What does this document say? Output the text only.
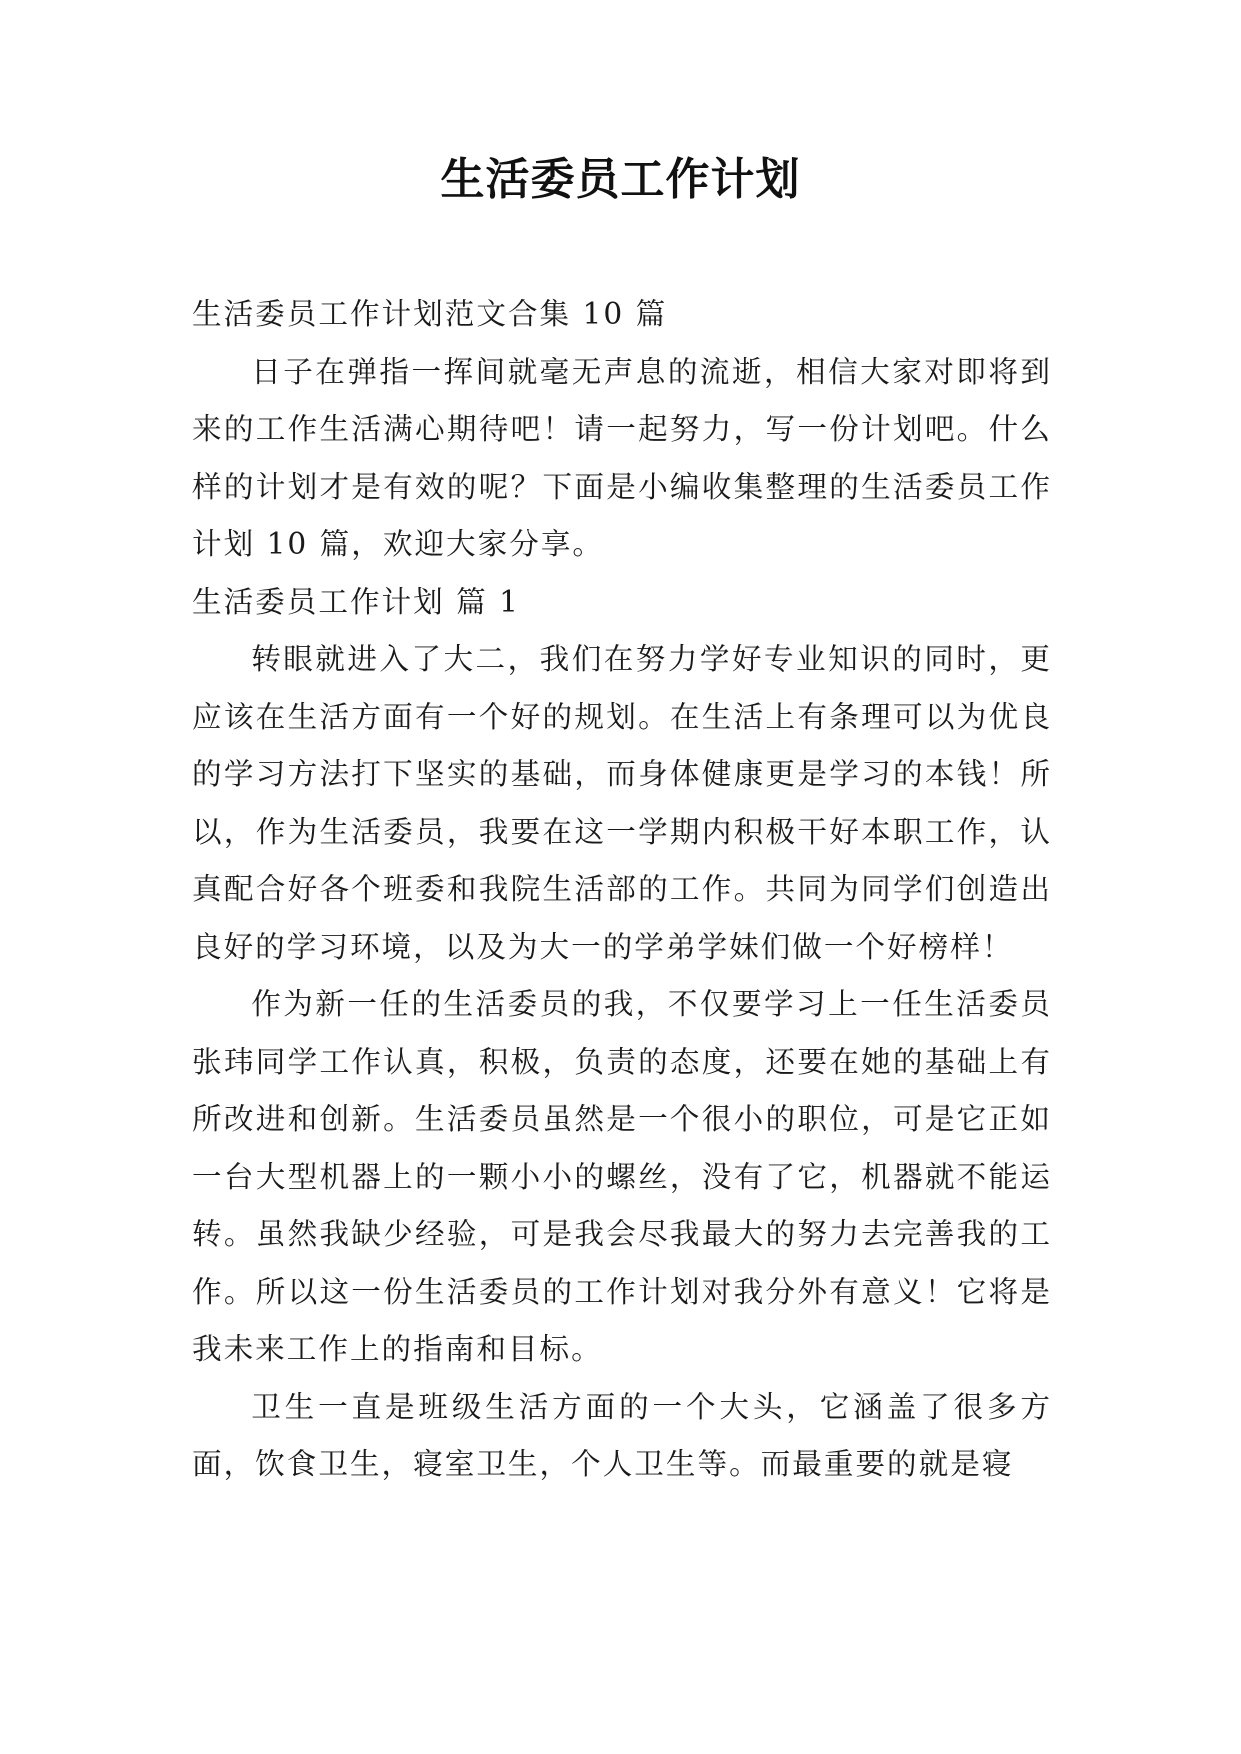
生活委员工作计划

生活委员工作计划范文合集 10 篇

日子在弹指一挥间就毫无声息的流逝，相信大家对即将到来的工作生活满心期待吧！请一起努力，写一份计划吧。什么样的计划才是有效的呢？下面是小编收集整理的生活委员工作计划 10 篇，欢迎大家分享。

生活委员工作计划 篇 1

转眼就进入了大二，我们在努力学好专业知识的同时，更应该在生活方面有一个好的规划。在生活上有条理可以为优良的学习方法打下坚实的基础，而身体健康更是学习的本钱！所以，作为生活委员，我要在这一学期内积极干好本职工作，认真配合好各个班委和我院生活部的工作。共同为同学们创造出良好的学习环境，以及为大一的学弟学妹们做一个好榜样！

作为新一任的生活委员的我，不仅要学习上一任生活委员张玮同学工作认真，积极，负责的态度，还要在她的基础上有所改进和创新。生活委员虽然是一个很小的职位，可是它正如一台大型机器上的一颗小小的螺丝，没有了它，机器就不能运转。虽然我缺少经验，可是我会尽我最大的努力去完善我的工作。所以这一份生活委员的工作计划对我分外有意义！它将是我未来工作上的指南和目标。

卫生一直是班级生活方面的一个大头，它涵盖了很多方面，饮食卫生，寝室卫生，个人卫生等。而最重要的就是寝
